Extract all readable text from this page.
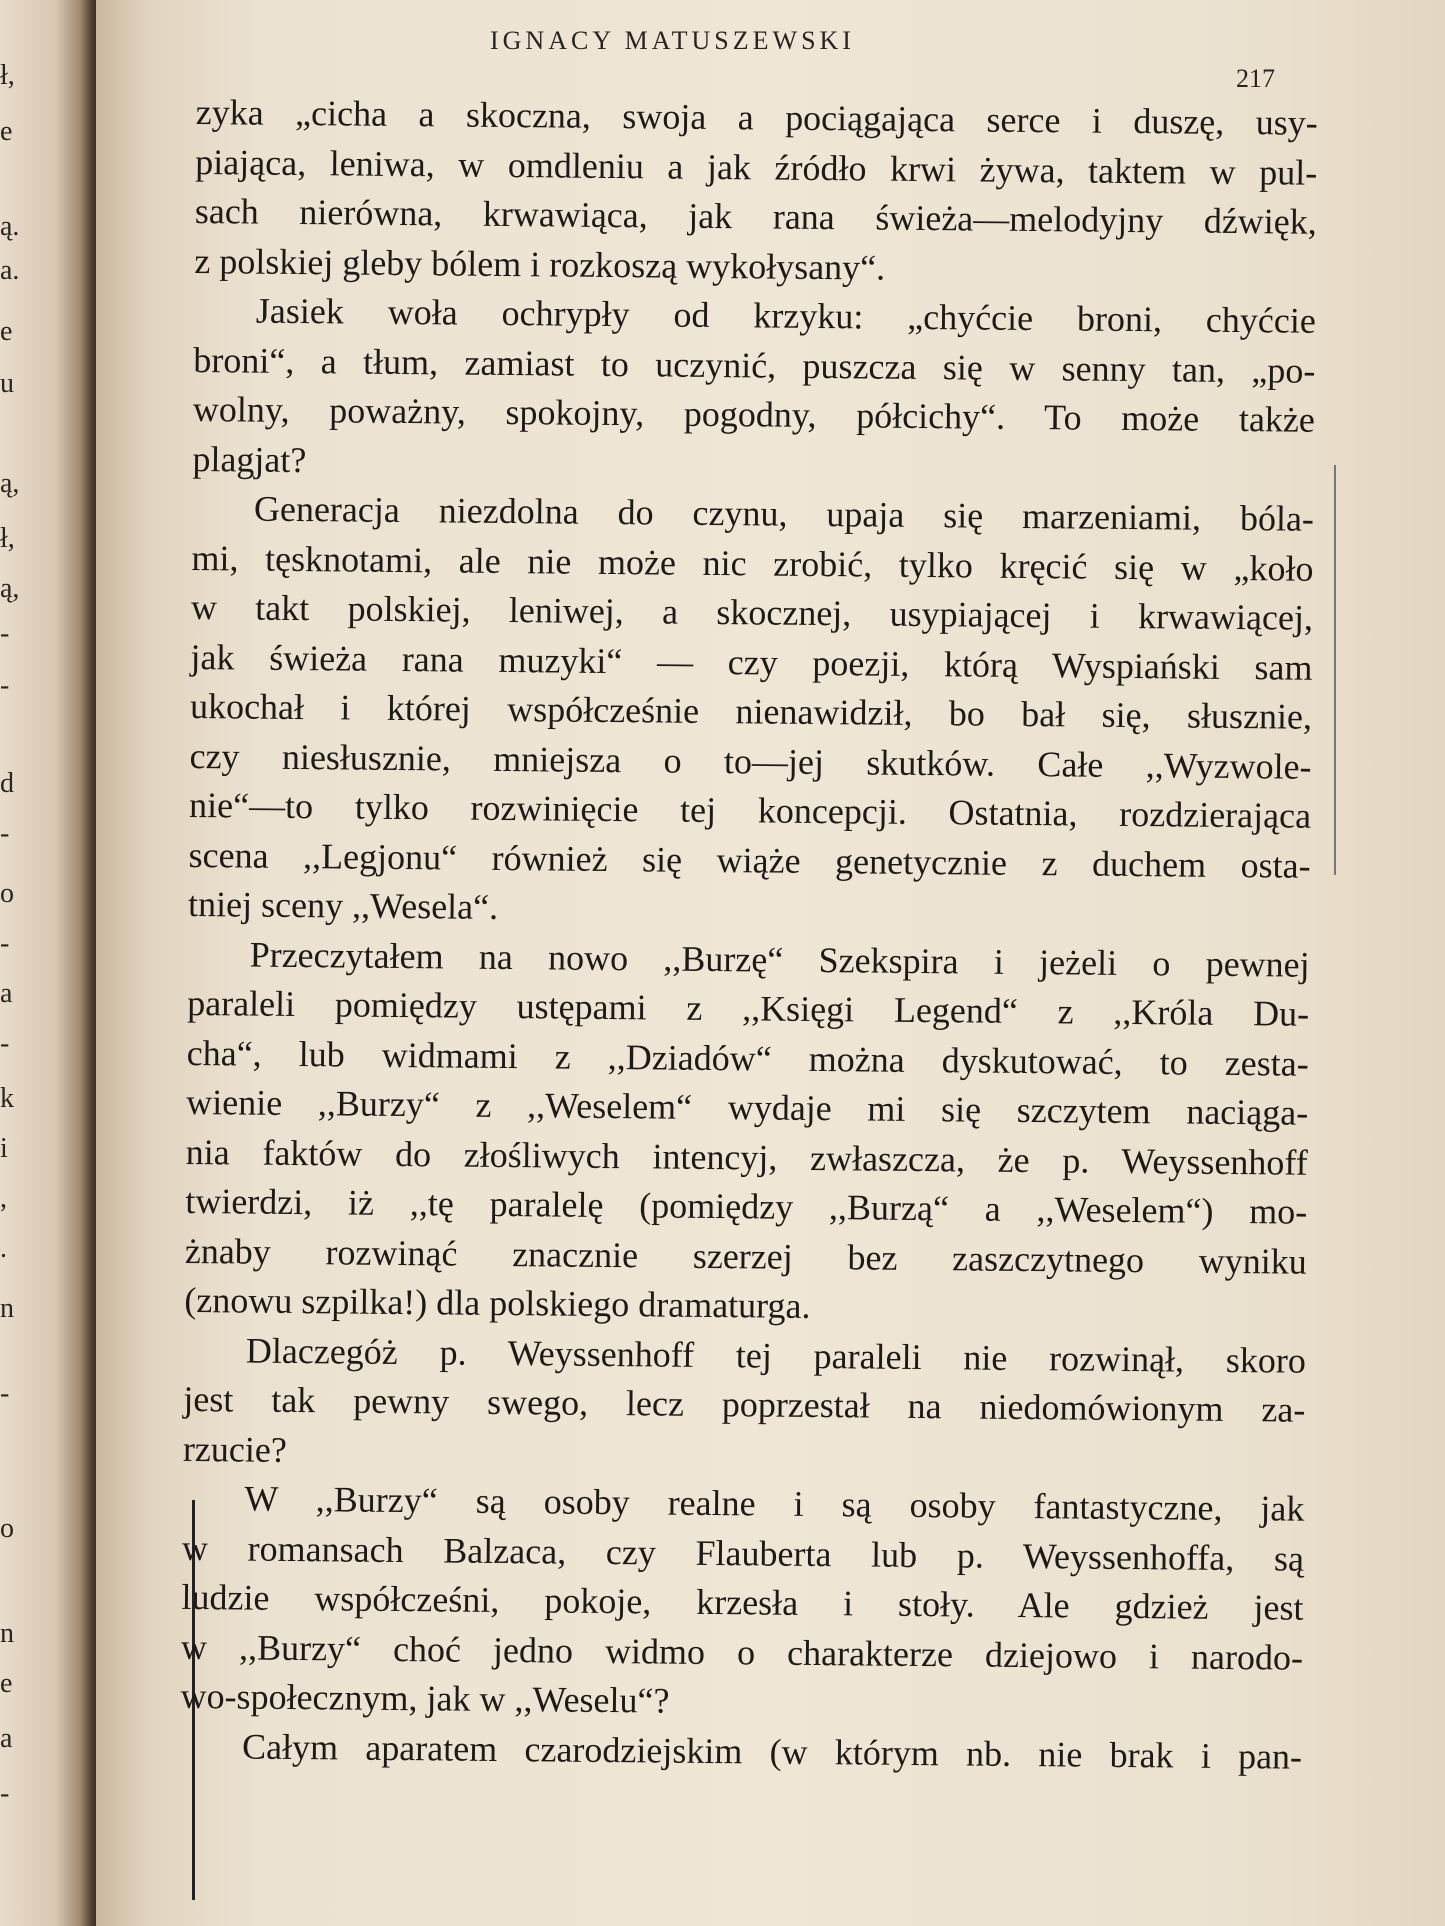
ł,
e
ą.
a.
e
u
ą,
ł,
ą,
-
-
d
-
o
-
a
-
k
i
,
.
n
-
o
n
e
a
-
IGNACY MATUSZEWSKI
217
zyka „cicha a skoczna, swoja a pociągająca serce i duszę, usy-
piająca, leniwa, w omdleniu a jak źródło krwi żywa, taktem w pul-
sach nierówna, krwawiąca, jak rana świeża—melodyjny dźwięk,
z polskiej gleby bólem i rozkoszą wykołysany“.
Jasiek woła ochrypły od krzyku: „chyćcie broni, chyćcie
broni“, a tłum, zamiast to uczynić, puszcza się w senny tan, „po-
wolny, poważny, spokojny, pogodny, półcichy“. To może także
plagjat?
Generacja niezdolna do czynu, upaja się marzeniami, bóla-
mi, tęsknotami, ale nie może nic zrobić, tylko kręcić się w „koło
w takt polskiej, leniwej, a skocznej, usypiającej i krwawiącej,
jak świeża rana muzyki“ — czy poezji, którą Wyspiański sam
ukochał i której współcześnie nienawidził, bo bał się, słusznie,
czy niesłusznie, mniejsza o to—jej skutków. Całe ,,Wyzwole-
nie“—to tylko rozwinięcie tej koncepcji. Ostatnia, rozdzierająca
scena ,,Legjonu“ również się wiąże genetycznie z duchem osta-
tniej sceny ,,Wesela“.
Przeczytałem na nowo ,,Burzę“ Szekspira i jeżeli o pewnej
paraleli pomiędzy ustępami z ,,Księgi Legend“ z ,,Króla Du-
cha“, lub widmami z ,,Dziadów“ można dyskutować, to zesta-
wienie ,,Burzy“ z ,,Weselem“ wydaje mi się szczytem naciąga-
nia faktów do złośliwych intencyj, zwłaszcza, że p. Weyssenhoff
twierdzi, iż ,,tę paralelę (pomiędzy ,,Burzą“ a ,,Weselem“) mo-
żnaby rozwinąć znacznie szerzej bez zaszczytnego wyniku
(znowu szpilka!) dla polskiego dramaturga.
Dlaczegóż p. Weyssenhoff tej paraleli nie rozwinął, skoro
jest tak pewny swego, lecz poprzestał na niedomówionym za-
rzucie?
W ,,Burzy“ są osoby realne i są osoby fantastyczne, jak
w romansach Balzaca, czy Flauberta lub p. Weyssenhoffa, są
ludzie współcześni, pokoje, krzesła i stoły. Ale gdzież jest
w ,,Burzy“ choć jedno widmo o charakterze dziejowo i narodo-
wo-społecznym, jak w ,,Weselu“?
Całym aparatem czarodziejskim (w którym nb. nie brak i pan-
